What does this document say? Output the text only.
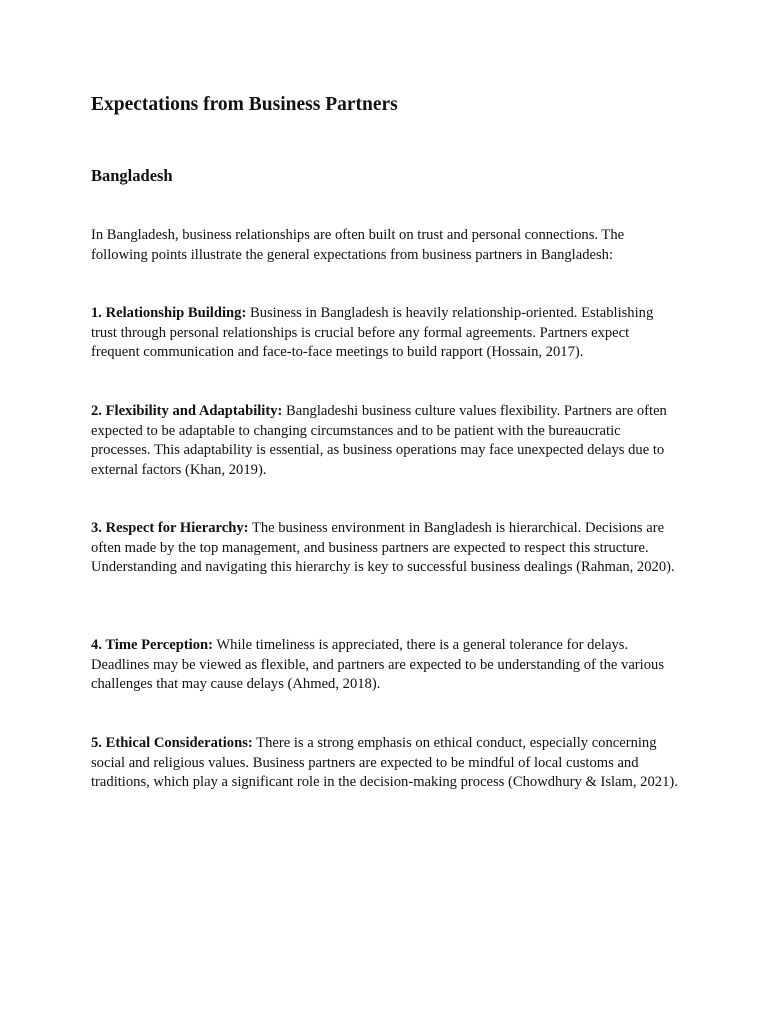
Expectations from Business Partners
Bangladesh

In Bangladesh, business relationships are often built on trust and personal connections. The following points illustrate the general expectations from business partners in Bangladesh:

1. Relationship Building: Business in Bangladesh is heavily relationship-oriented. Establishing trust through personal relationships is crucial before any formal agreements. Partners expect frequent communication and face-to-face meetings to build rapport (Hossain, 2017).

2. Flexibility and Adaptability: Bangladeshi business culture values flexibility. Partners are often expected to be adaptable to changing circumstances and to be patient with the bureaucratic processes. This adaptability is essential, as business operations may face unexpected delays due to external factors (Khan, 2019).

3. Respect for Hierarchy: The business environment in Bangladesh is hierarchical. Decisions are often made by the top management, and business partners are expected to respect this structure. Understanding and navigating this hierarchy is key to successful business dealings (Rahman, 2020).

4. Time Perception: While timeliness is appreciated, there is a general tolerance for delays. Deadlines may be viewed as flexible, and partners are expected to be understanding of the various challenges that may cause delays (Ahmed, 2018).

5. Ethical Considerations: There is a strong emphasis on ethical conduct, especially concerning social and religious values. Business partners are expected to be mindful of local customs and traditions, which play a significant role in the decision-making process (Chowdhury & Islam, 2021).
